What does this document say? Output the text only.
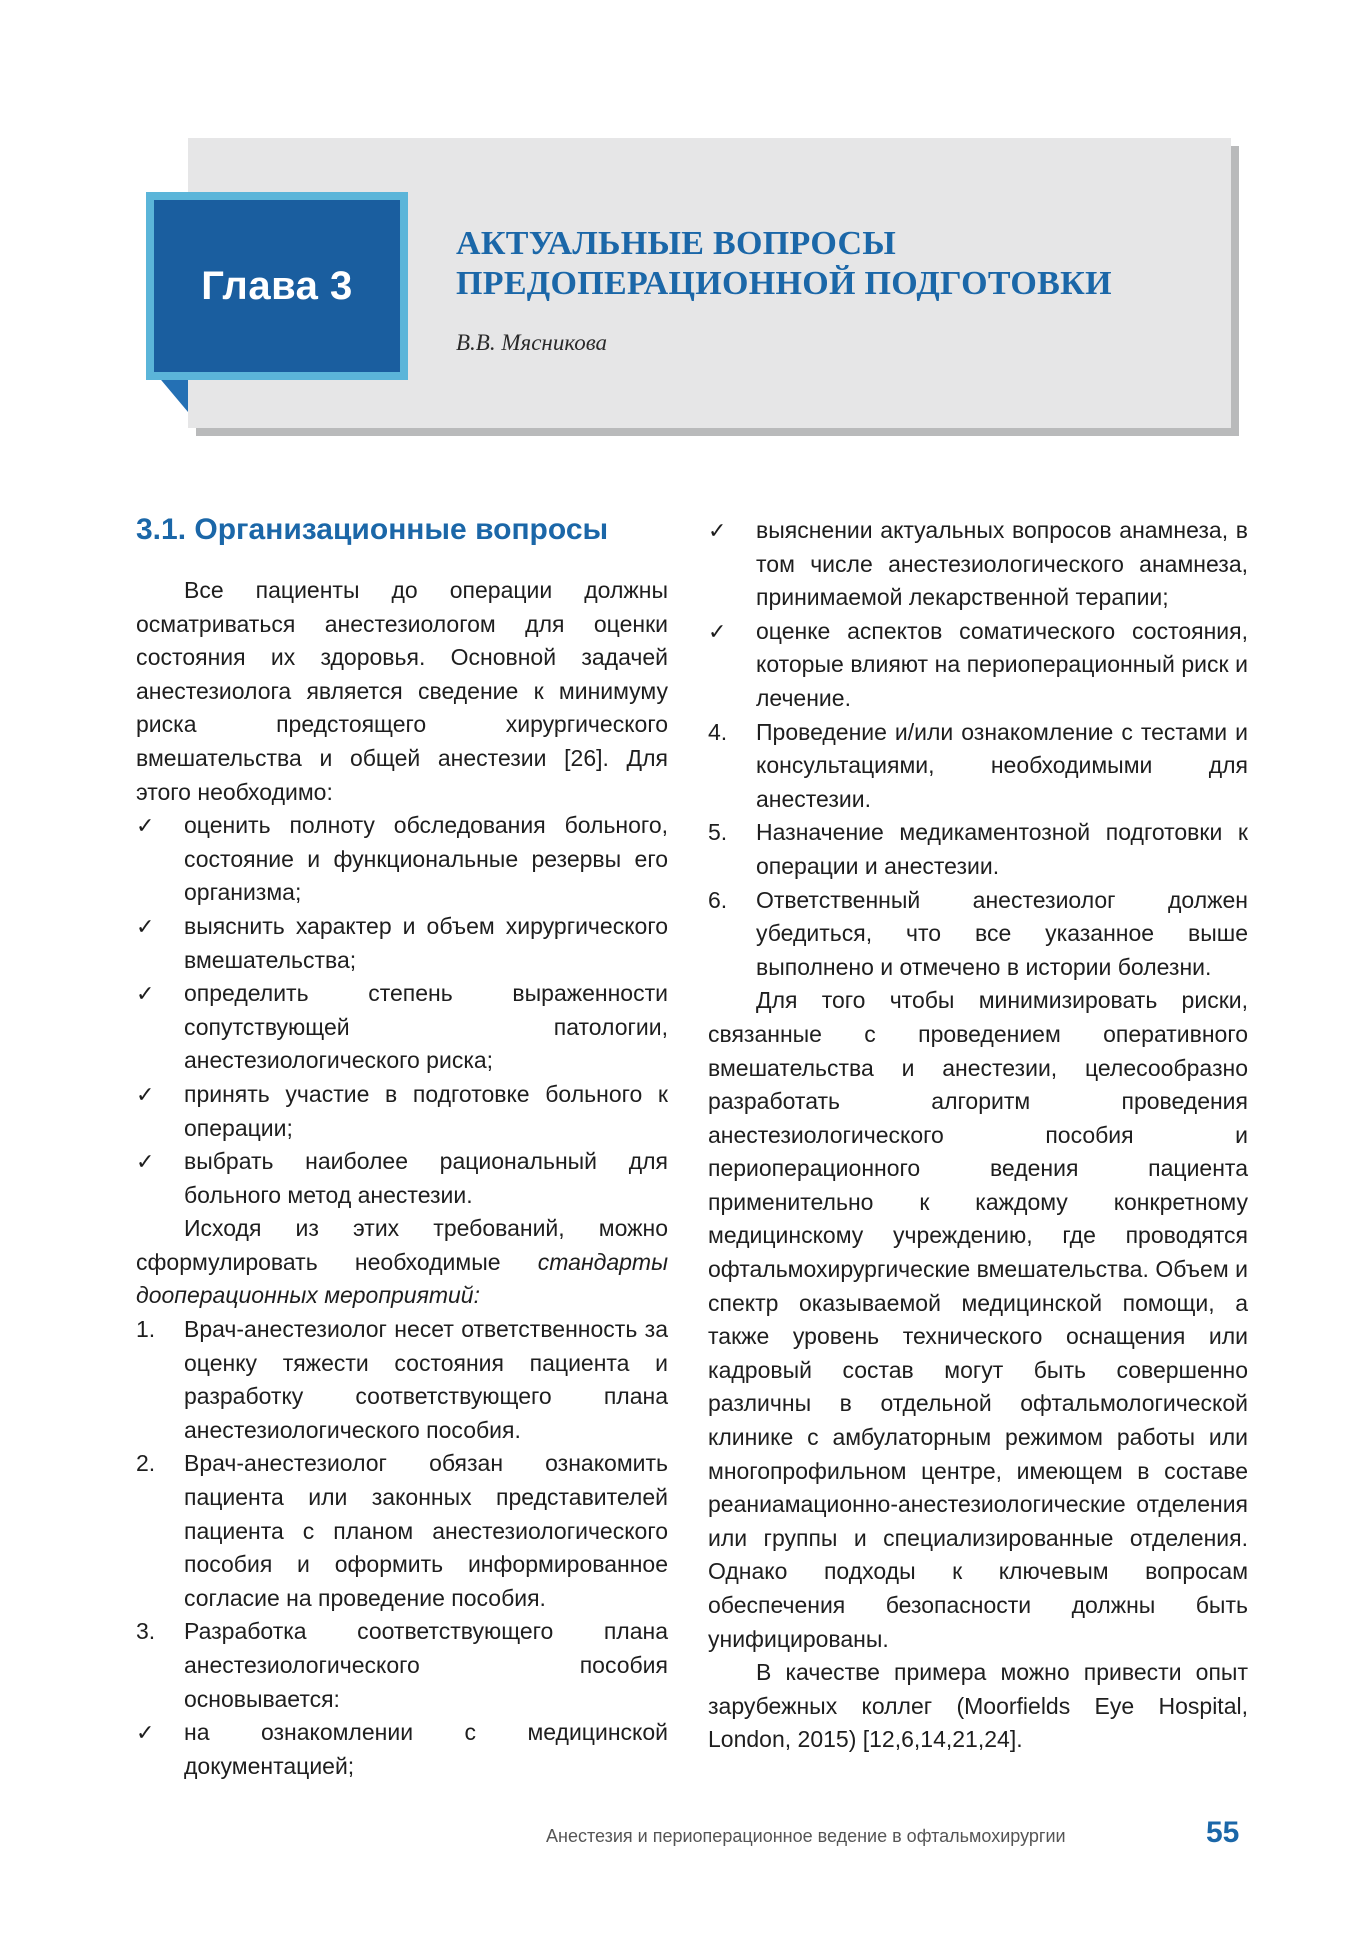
Глава 3
АКТУАЛЬНЫЕ ВОПРОСЫ
ПРЕДОПЕРАЦИОННОЙ ПОДГОТОВКИ
В.В. Мясникова
3.1. Организационные вопросы

Все пациенты до операции должны осматриваться анестезиологом для оценки состояния их здоровья. Основной задачей анестезиолога является сведение к минимуму риска предстоящего хирургического вмешательства и общей анестезии [26]. Для этого необходимо:

✓	оценить полноту обследования больного, состояние и функциональные резервы его организма;
✓	выяснить характер и объем хирургического вмешательства;
✓	определить степень выраженности сопутствующей патологии, анестезиологического риска;
✓	принять участие в подготовке больного к операции;
✓	выбрать наиболее рациональный для больного метод анестезии.

Исходя из этих требований, можно сформулировать необходимые стандарты дооперационных мероприятий:

1.	Врач-анестезиолог несет ответственность за оценку тяжести состояния пациента и разработку соответствующего плана анестезиологического пособия.
2.	Врач-анестезиолог обязан ознакомить пациента или законных представителей пациента с планом анестезиологического пособия и оформить информированное согласие на проведение пособия.
3.	Разработка соответствующего плана анестезиологического пособия основывается:
✓	на ознакомлении с медицинской документацией;
✓	выяснении актуальных вопросов анамнеза, в том числе анестезиологического анамнеза, принимаемой лекарственной терапии;
✓	оценке аспектов соматического состояния, которые влияют на периоперационный риск и лечение.
4.	Проведение и/или ознакомление с тестами и консультациями, необходимыми для анестезии.
5.	Назначение медикаментозной подготовки к операции и анестезии.
6.	Ответственный анестезиолог должен убедиться, что все указанное выше выполнено и отмечено в истории болезни.

Для того чтобы минимизировать риски, связанные с проведением оперативного вмешательства и анестезии, целесообразно разработать алгоритм проведения анестезиологического пособия и периоперационного ведения пациента применительно к каждому конкретному медицинскому учреждению, где проводятся офтальмохирургические вмешательства. Объем и спектр оказываемой медицинской помощи, а также уровень технического оснащения или кадровый состав могут быть совершенно различны в отдельной офтальмологической клинике с амбулаторным режимом работы или многопрофильном центре, имеющем в составе реаниамационно-анестезиологические отделения или группы и специализированные отделения. Однако подходы к ключевым вопросам обеспечения безопасности должны быть унифицированы.

В качестве примера можно привести опыт зарубежных коллег (Moorfields Eye Hospital, London, 2015) [12,6,14,21,24].

Анестезия и периоперационное ведение в офтальмохирургии	55
